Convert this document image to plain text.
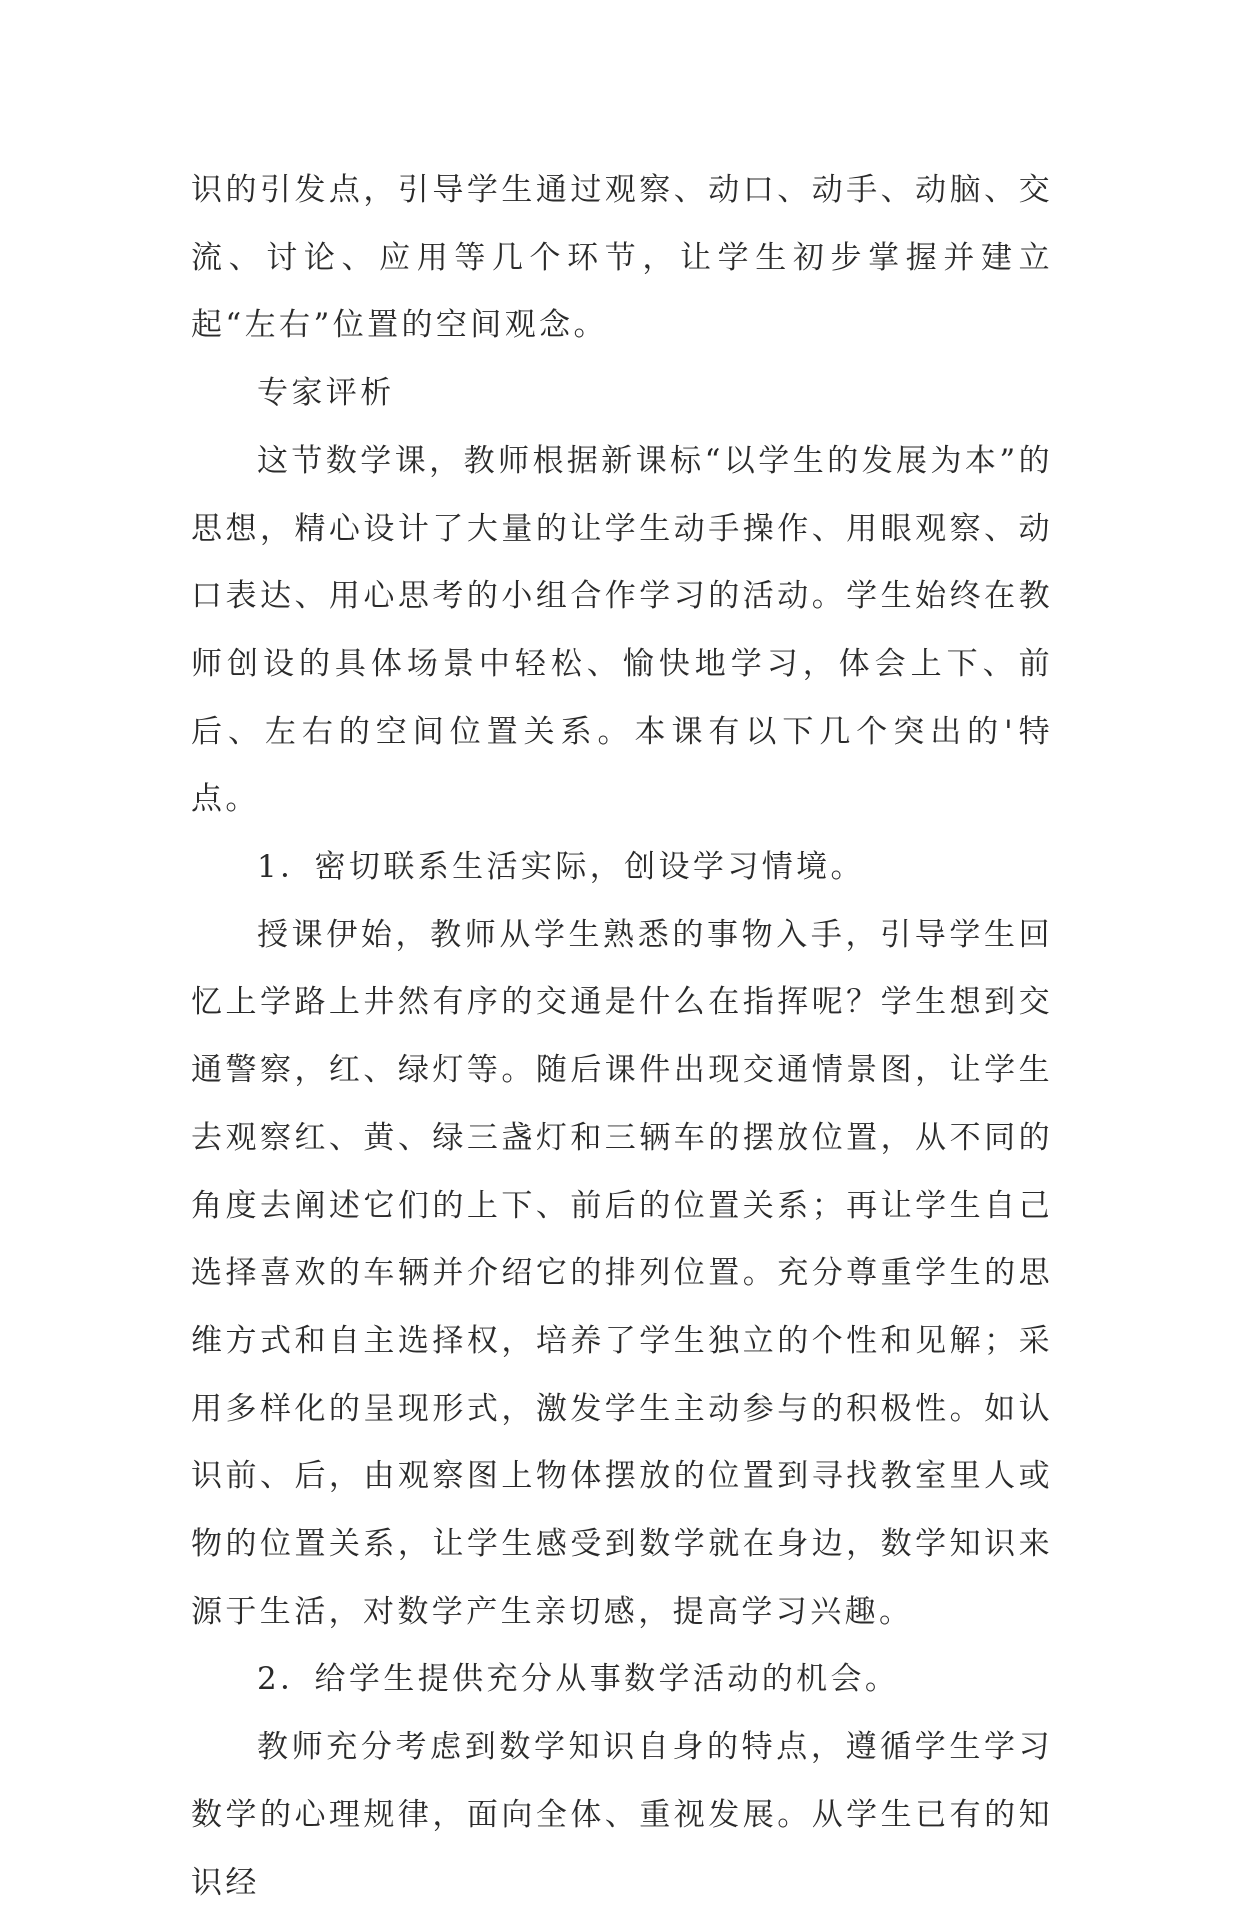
识的引发点，引导学生通过观察、动口、动手、动脑、交流、讨论、应用等几个环节，让学生初步掌握并建立起“左右”位置的空间观念。

专家评析

这节数学课，教师根据新课标“以学生的发展为本”的思想，精心设计了大量的让学生动手操作、用眼观察、动口表达、用心思考的小组合作学习的活动。学生始终在教师创设的具体场景中轻松、愉快地学习，体会上下、前后、左右的空间位置关系。本课有以下几个突出的'特点。

1．密切联系生活实际，创设学习情境。

授课伊始，教师从学生熟悉的事物入手，引导学生回忆上学路上井然有序的交通是什么在指挥呢？学生想到交通警察，红、绿灯等。随后课件出现交通情景图，让学生去观察红、黄、绿三盏灯和三辆车的摆放位置，从不同的角度去阐述它们的上下、前后的位置关系；再让学生自己选择喜欢的车辆并介绍它的排列位置。充分尊重学生的思维方式和自主选择权，培养了学生独立的个性和见解；采用多样化的呈现形式，激发学生主动参与的积极性。如认识前、后，由观察图上物体摆放的位置到寻找教室里人或物的位置关系，让学生感受到数学就在身边，数学知识来源于生活，对数学产生亲切感，提高学习兴趣。

2．给学生提供充分从事数学活动的机会。

教师充分考虑到数学知识自身的特点，遵循学生学习数学的心理规律，面向全体、重视发展。从学生已有的知识经
